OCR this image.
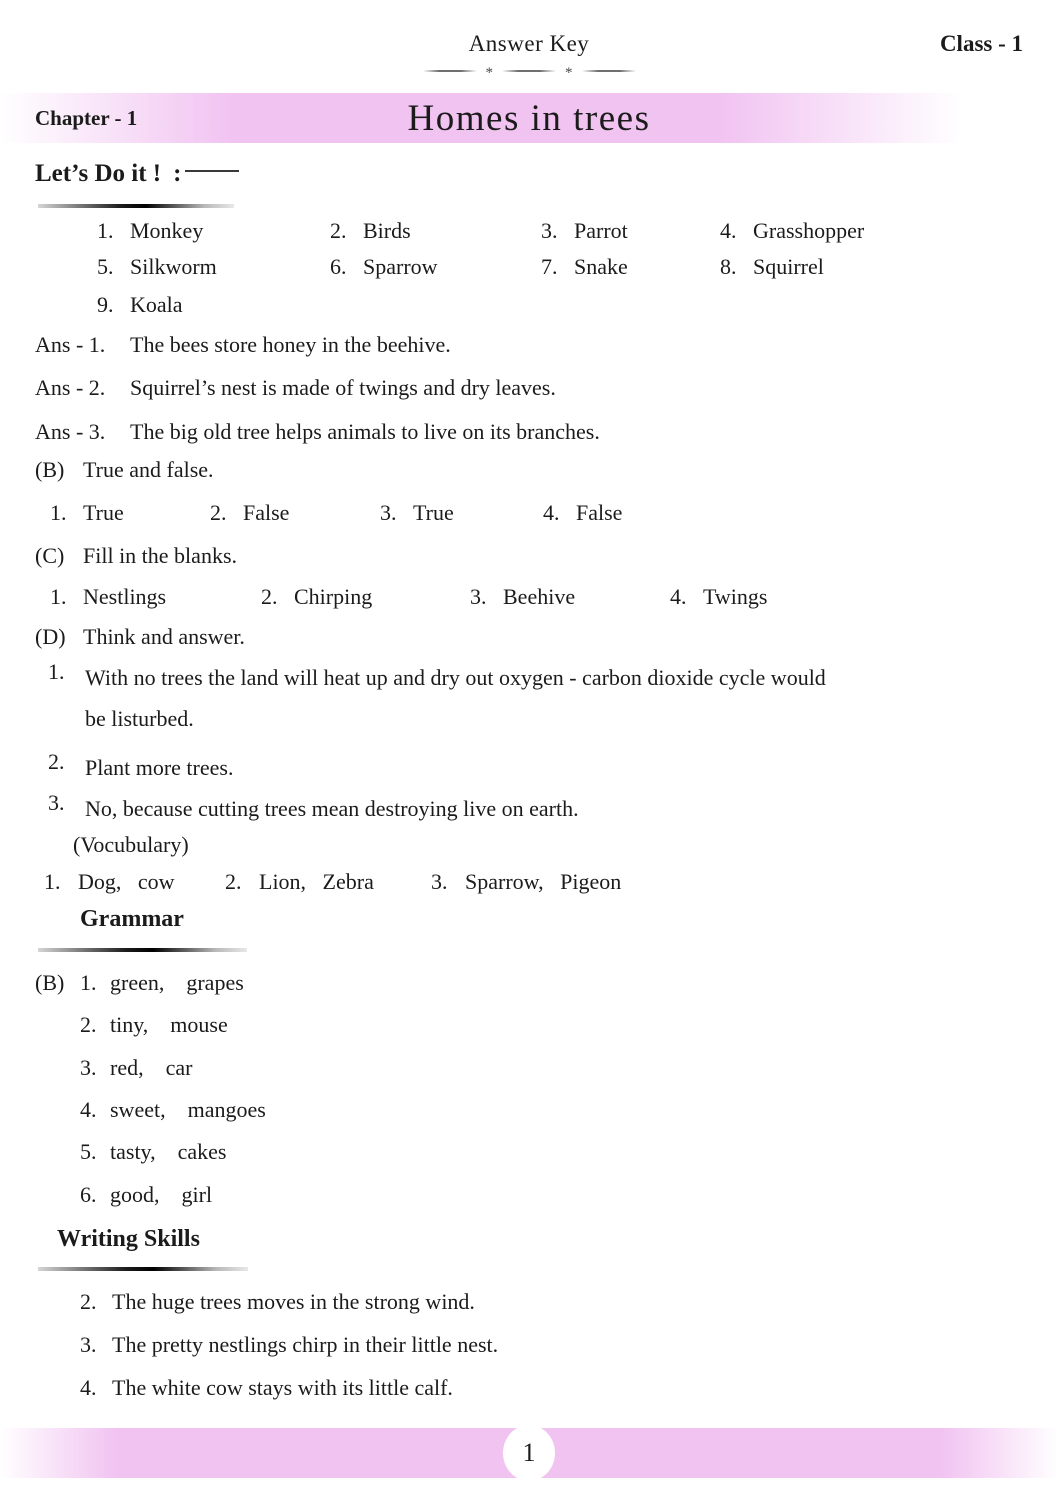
Answer Key	Class - 1
*	*
Chapter - 1	Homes in trees
Let’s Do it ! :
1. Monkey	2. Birds	3. Parrot	4. Grasshopper
5. Silkworm	6. Sparrow	7. Snake	8. Squirrel
9. Koala
Ans - 1. The bees store honey in the beehive.
Ans - 2. Squirrel’s nest is made of twings and dry leaves.
Ans - 3. The big old tree helps animals to live on its branches.
(B) True and false.
1. True	2. False	3. True	4. False
(C) Fill in the blanks.
1. Nestlings	2. Chirping	3. Beehive	4. Twings
(D) Think and answer.
1. With no trees the land will heat up and dry out oxygen - carbon dioxide cycle would
be listurbed.
2. Plant more trees.
3. No, because cutting trees mean destroying live on earth.
(Vocubulary)
1. Dog,   cow	2. Lion,   Zebra	3. Sparrow,   Pigeon
Grammar
(B) 1. green,    grapes
2. tiny,    mouse
3. red,    car
4. sweet,    mangoes
5. tasty,    cakes
6. good,    girl
Writing Skills
2. The huge trees moves in the strong wind.
3. The pretty nestlings chirp in their little nest.
4. The white cow stays with its little calf.
1
